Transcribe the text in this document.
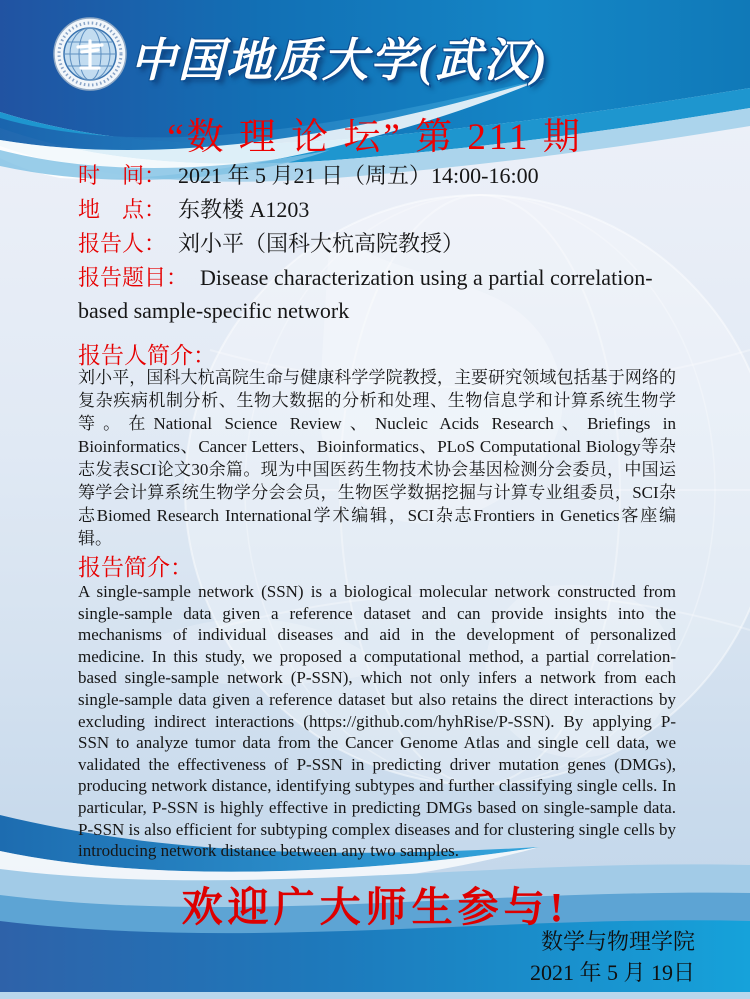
中国地质大学(武汉)
“数 理 论 坛” 第 211 期

时　间： 2021 年 5 月21 日（周五）14:00-16:00

地　点： 东教楼 A1203

报告人： 刘小平（国科大杭高院教授）

报告题目： Disease characterization using a partial correlation-based sample-specific network

报告人简介：

刘小平，国科大杭高院生命与健康科学学院教授，主要研究领域包括基于网络的复杂疾病机制分析、生物大数据的分析和处理、生物信息学和计算系统生物学等。在National Science Review、Nucleic Acids Research、Briefings in Bioinformatics、Cancer Letters、Bioinformatics、PLoS Computational Biology等杂志发表SCI论文30余篇。现为中国医药生物技术协会基因检测分会委员，中国运筹学会计算系统生物学分会会员，生物医学数据挖掘与计算专业组委员，SCI杂志Biomed Research International学术编辑，SCI杂志Frontiers in Genetics客座编辑。

报告简介：

A single-sample network (SSN) is a biological molecular network constructed from single-sample data given a reference dataset and can provide insights into the mechanisms of individual diseases and aid in the development of personalized medicine. In this study, we proposed a computational method, a partial correlation-based single-sample network (P-SSN), which not only infers a network from each single-sample data given a reference dataset but also retains the direct interactions by excluding indirect interactions (https://github.com/hyhRise/P-SSN). By applying P-SSN to analyze tumor data from the Cancer Genome Atlas and single cell data, we validated the effectiveness of P-SSN in predicting driver mutation genes (DMGs), producing network distance, identifying subtypes and further classifying single cells. In particular, P-SSN is highly effective in predicting DMGs based on single-sample data. P-SSN is also efficient for subtyping complex diseases and for clustering single cells by introducing network distance between any two samples.

欢迎广大师生参与!
数学与物理学院
2021 年 5 月 19日
